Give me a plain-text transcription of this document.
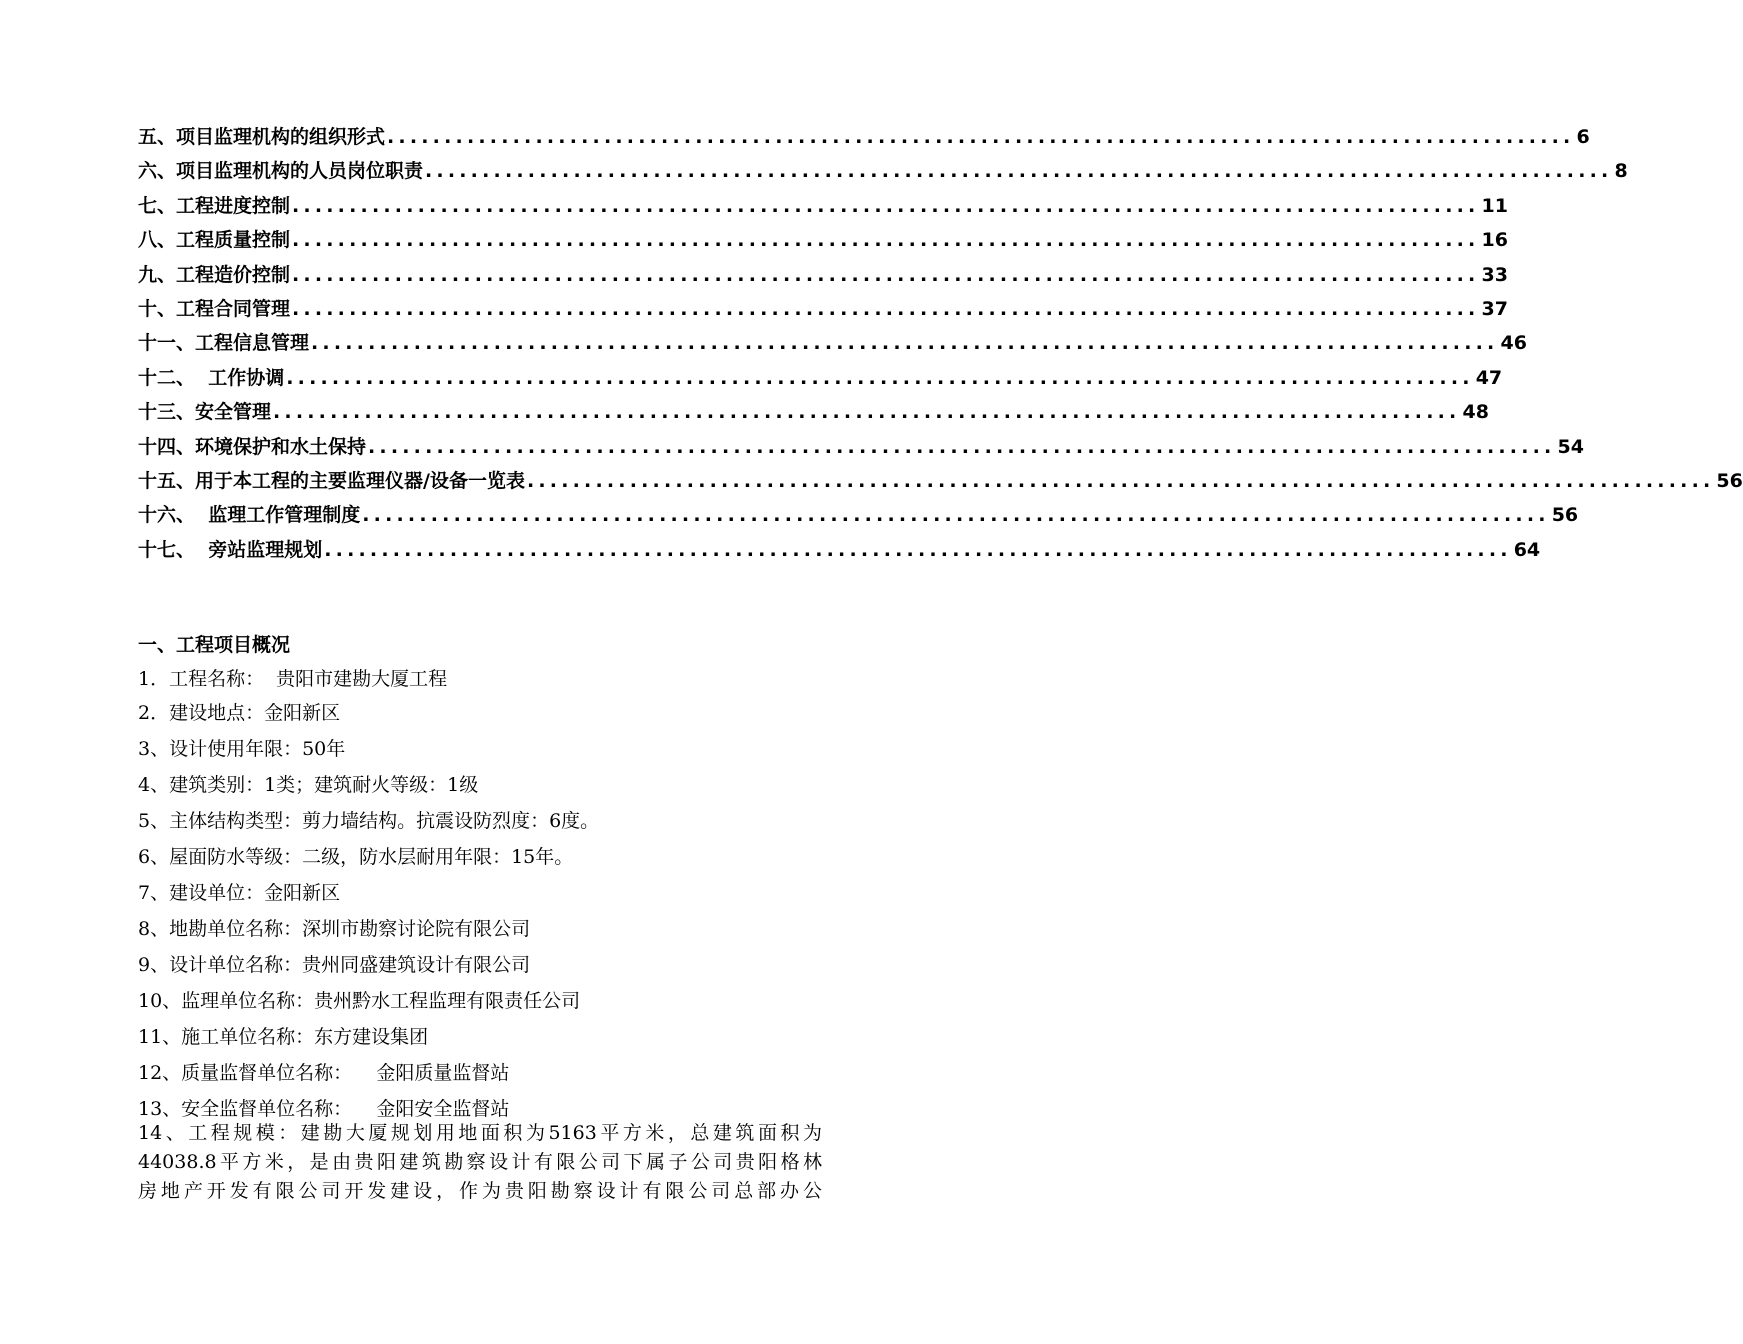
五、项目监理机构的组织形式 ........................................................................................................ 6
六、项目监理机构的人员岗位职责 ........................................................................................................ 8
七、工程进度控制 ........................................................................................................ 11
八、工程质量控制 ........................................................................................................ 16
九、工程造价控制 ........................................................................................................ 33
十、工程合同管理 ........................................................................................................ 37
十一、工程信息管理 ........................................................................................................ 46
十二、  工作协调 ........................................................................................................ 47
十三、安全管理 ........................................................................................................ 48
十四、环境保护和水土保持 ........................................................................................................ 54
十五、用于本工程的主要监理仪器/设备一览表 ........................................................................................................ 56
十六、  监理工作管理制度 ........................................................................................................ 56
十七、  旁站监理规划 ........................................................................................................ 64
一、工程项目概况
1．工程名称：  贵阳市建勘大厦工程
2．建设地点：金阳新区
3、设计使用年限：50年
4、建筑类别：1类；建筑耐火等级：1级
5、主体结构类型：剪力墙结构。抗震设防烈度：6度。
6、屋面防水等级：二级，防水层耐用年限：15年。
7、建设单位：金阳新区
8、地勘单位名称：深圳市勘察讨论院有限公司
9、设计单位名称：贵州同盛建筑设计有限公司
10、监理单位名称：贵州黔水工程监理有限责任公司
11、施工单位名称：东方建设集团
12、质量监督单位名称：    金阳质量监督站
13、安全监督单位名称：    金阳安全监督站
14、工程规模：建勘大厦规划用地面积为5163平方米，总建筑面积为
44038.8平方米，是由贵阳建筑勘察设计有限公司下属子公司贵阳格林
房地产开发有限公司开发建设，作为贵阳勘察设计有限公司总部办公
